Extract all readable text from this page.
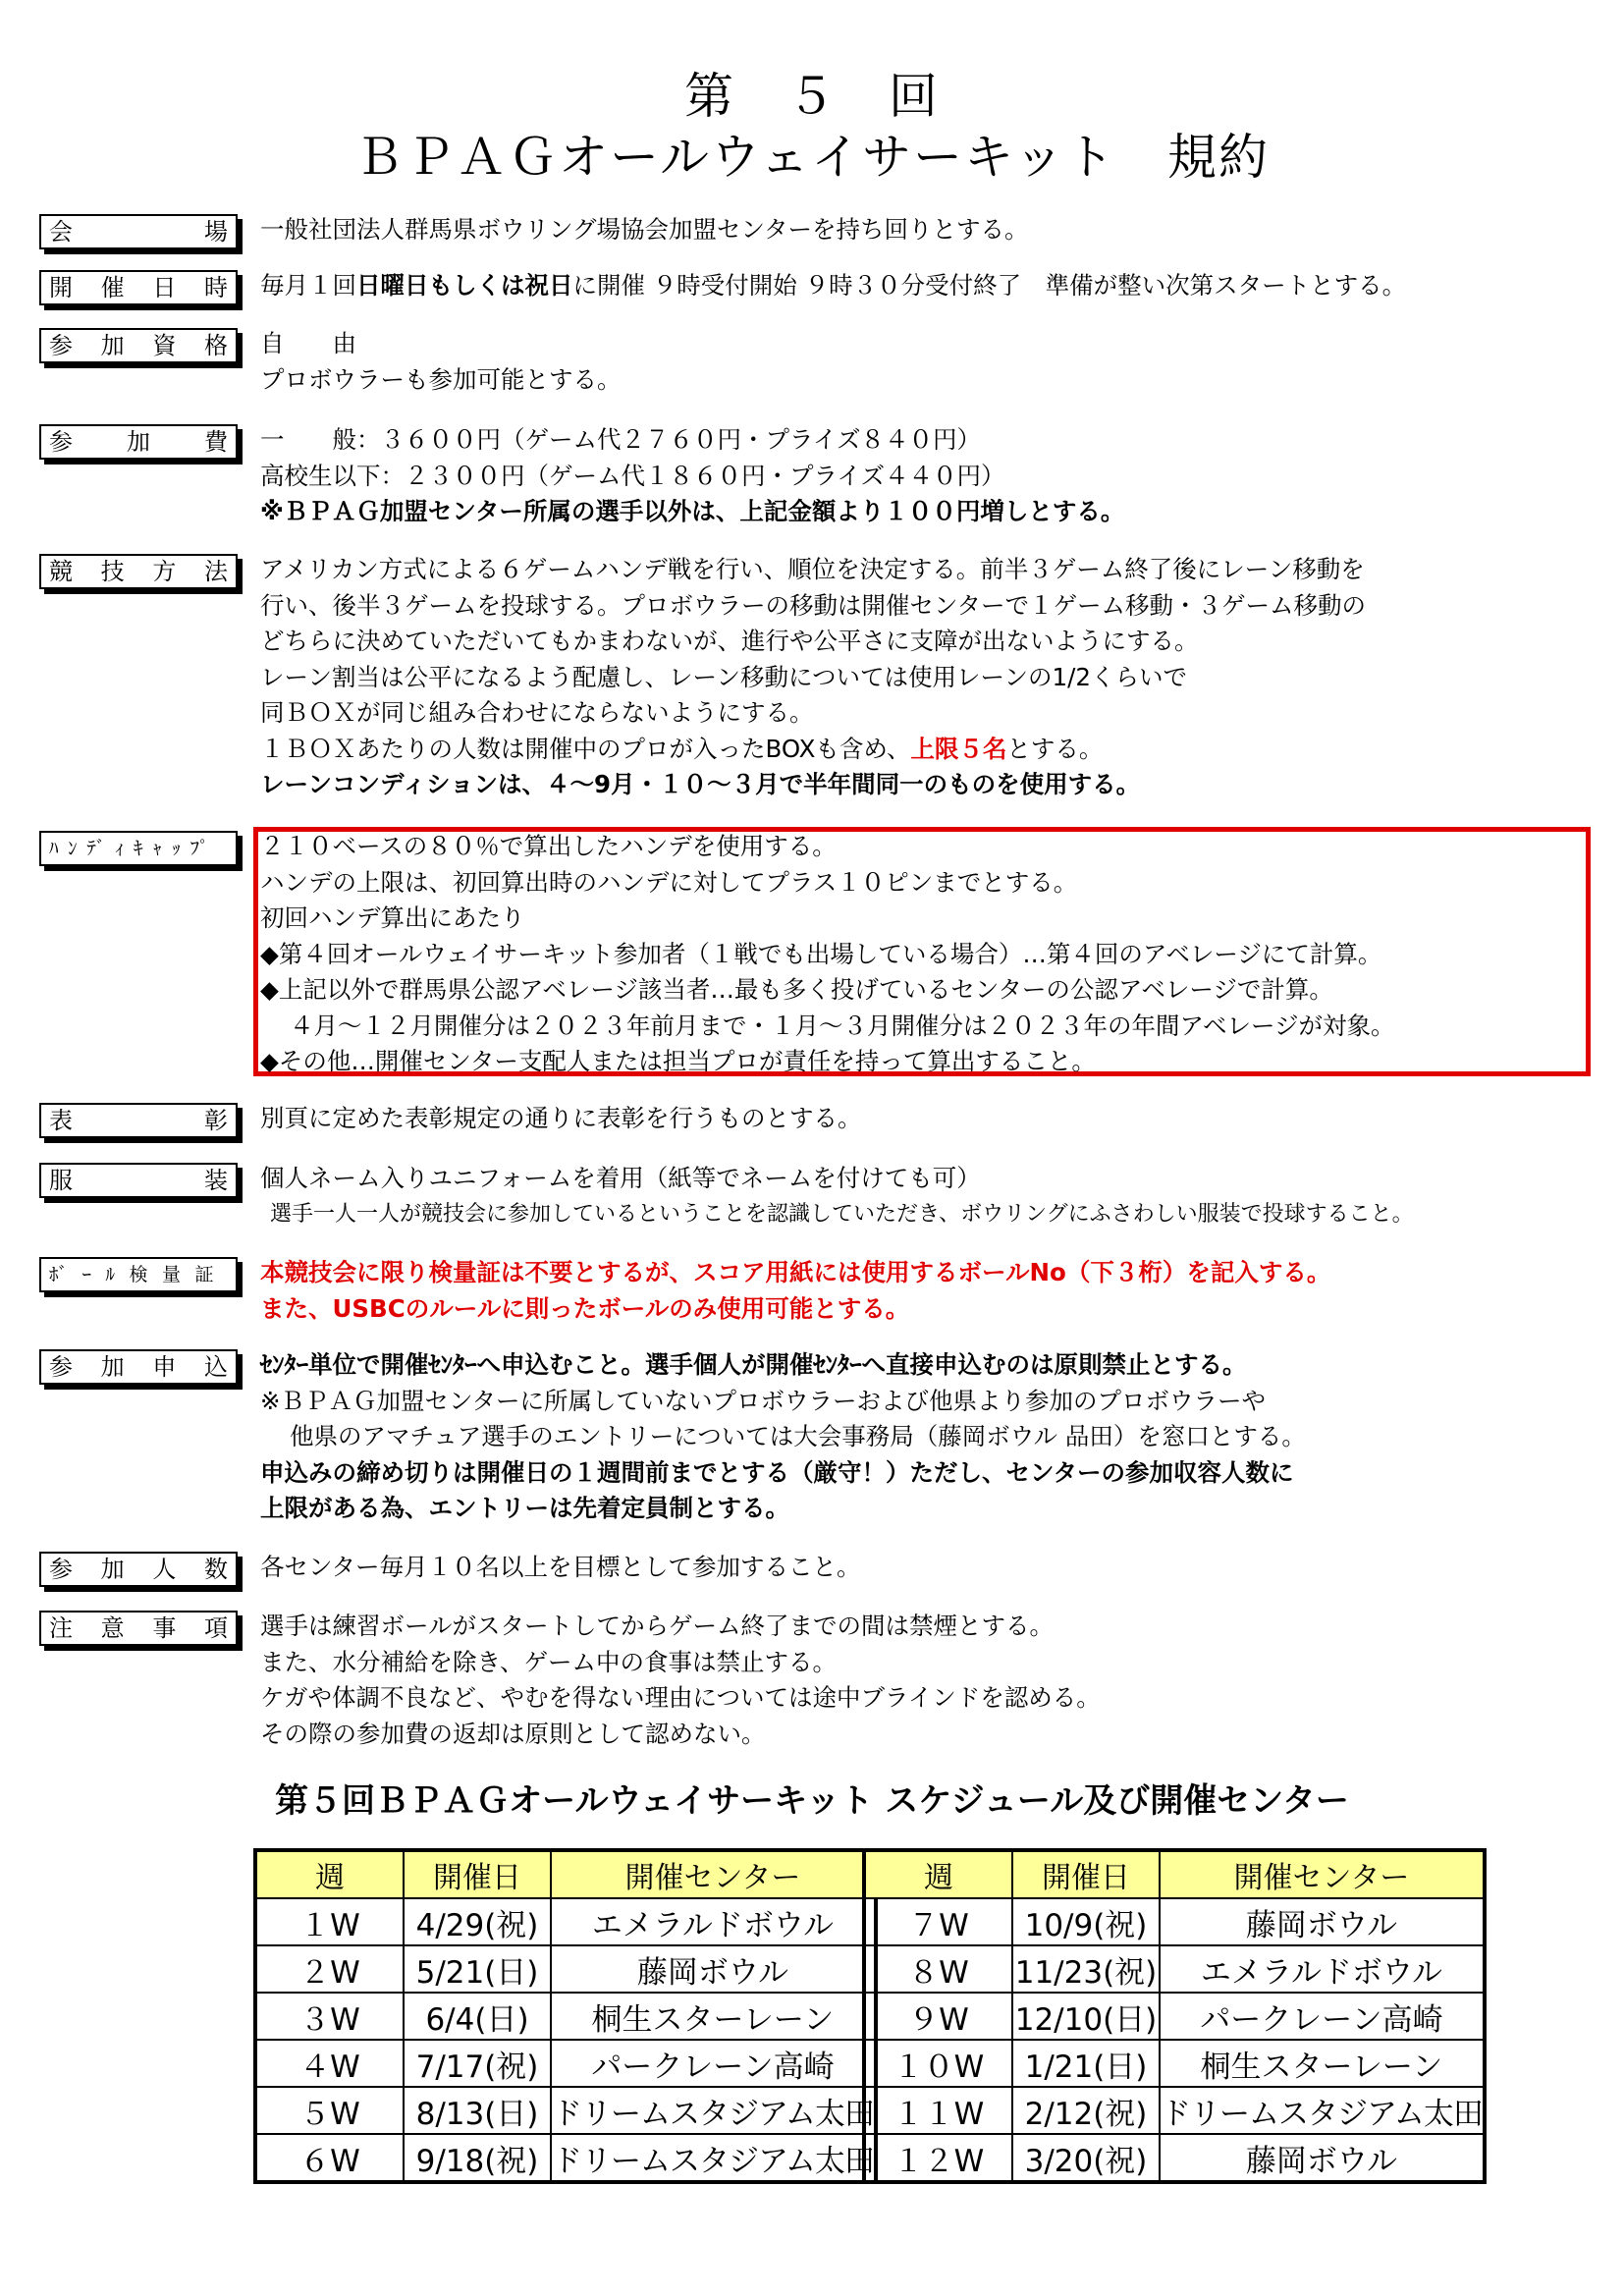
第　５　回
ＢＰＡＧオールウェイサーキット　規約
会場 一般社団法人群馬県ボウリング場協会加盟センターを持ち回りとする。
開催日時 毎月１回日曜日もしくは祝日に開催 ９時受付開始 ９時３０分受付終了　準備が整い次第スタートとする。
参加資格 自　　由
プロボウラーも参加可能とする。
参加費 一　　般：３６００円（ゲーム代２７６０円・プライズ８４０円）
高校生以下：２３００円（ゲーム代１８６０円・プライズ４４０円）
※ＢＰＡＧ加盟センター所属の選手以外は、上記金額より１００円増しとする。
競技方法 アメリカン方式による６ゲームハンデ戦を行い、順位を決定する。前半３ゲーム終了後にレーン移動を
行い、後半３ゲームを投球する。プロボウラーの移動は開催センターで１ゲーム移動・３ゲーム移動の
どちらに決めていただいてもかまわないが、進行や公平さに支障が出ないようにする。
レーン割当は公平になるよう配慮し、レーン移動については使用レーンの1/2くらいで
同ＢＯＸが同じ組み合わせにならないようにする。
１ＢＯＸあたりの人数は開催中のプロが入ったBOXも含め、上限５名とする。
レーンコンディションは、４～9月・１０～３月で半年間同一のものを使用する。
ﾊﾝﾃﾞｨｷｬｯﾌﾟ	２１０ベースの８０％で算出したハンデを使用する。
ハンデの上限は、初回算出時のハンデに対してプラス１０ピンまでとする。
初回ハンデ算出にあたり
◆第４回オールウェイサーキット参加者（１戦でも出場している場合）…第４回のアベレージにて計算。
◆上記以外で群馬県公認アベレージ該当者…最も多く投げているセンターの公認アベレージで計算。
４月～１２月開催分は２０２３年前月まで・１月～３月開催分は２０２３年の年間アベレージが対象。
◆その他…開催センター支配人または担当プロが責任を持って算出すること。
表彰 別頁に定めた表彰規定の通りに表彰を行うものとする。
服装 個人ネーム入りユニフォームを着用（紙等でネームを付けても可）
選手一人一人が競技会に参加しているということを認識していただき、ボウリングにふさわしい服装で投球すること。
ﾎﾞｰﾙ検量証 本競技会に限り検量証は不要とするが、スコア用紙には使用するボールNo（下３桁）を記入する。
また、USBCのルールに則ったボールのみ使用可能とする。
参加申込 ｾﾝﾀｰ単位で開催ｾﾝﾀｰへ申込むこと。選手個人が開催ｾﾝﾀｰへ直接申込むのは原則禁止とする。
※ＢＰＡＧ加盟センターに所属していないプロボウラーおよび他県より参加のプロボウラーや
他県のアマチュア選手のエントリーについては大会事務局（藤岡ボウル 品田）を窓口とする。
申込みの締め切りは開催日の１週間前までとする（厳守！）ただし、センターの参加収容人数に
上限がある為、エントリーは先着定員制とする。
参加人数 各センター毎月１０名以上を目標として参加すること。
注意事項 選手は練習ボールがスタートしてからゲーム終了までの間は禁煙とする。
また、水分補給を除き、ゲーム中の食事は禁止する。
ケガや体調不良など、やむを得ない理由については途中ブラインドを認める。
その際の参加費の返却は原則として認めない。
第５回ＢＰＡＧオールウェイサーキット スケジュール及び開催センター
週	開催日	開催センター
１W	4/29(祝)	エメラルドボウル
２W	5/21(日)	藤岡ボウル
３W	6/4(日)	桐生スターレーン
４W	7/17(祝)	パークレーン高崎
５W	8/13(日)	ドリームスタジアム太田
６W	9/18(祝)	ドリームスタジアム太田
週	開催日	開催センター
７W	10/9(祝)	藤岡ボウル
８W	11/23(祝)	エメラルドボウル
９W	12/10(日)	パークレーン高崎
１０W	1/21(日)	桐生スターレーン
１１W	2/12(祝)	ドリームスタジアム太田
１２W	3/20(祝)	藤岡ボウル
